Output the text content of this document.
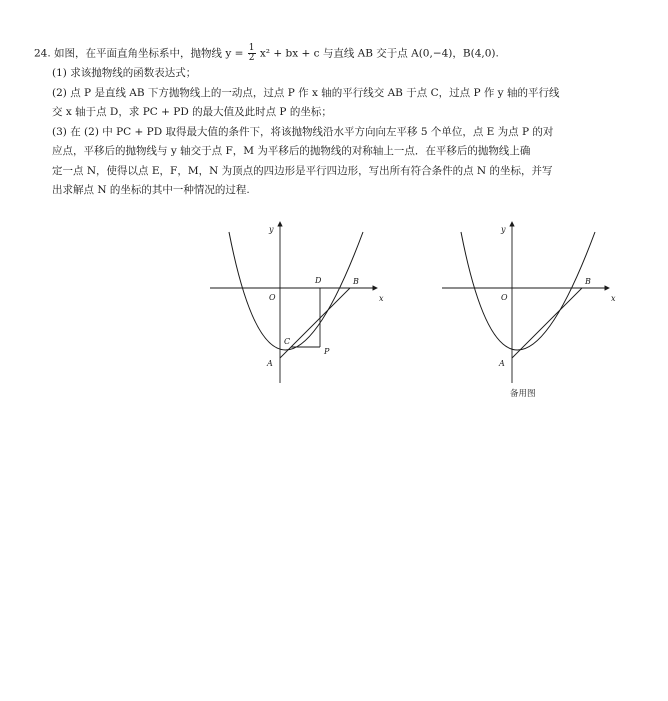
24. 如图，在平面直角坐标系中，抛物线 $y = \frac{1}{2} x^2$ + bx + c 与直线 AB 交于点 A(0,−4)，B(4,0).
(1) 求该抛物线的函数表达式；
(2) 点 P 是直线 AB 下方抛物线上的一动点，过点 P 作 x 轴的平行线交 AB 于点 C，过点 P 作 y 轴的平行线
交 x 轴于点 D，求 PC + PD 的最大值及此时点 P 的坐标；
(3) 在 (2) 中 PC + PD 取得最大值的条件下，将该抛物线沿水平方向向左平移 5 个单位，点 E 为点 P 的对
应点，平移后的抛物线与 y 轴交于点 F，M 为平移后的抛物线的对称轴上一点．在平移后的抛物线上确
定一点 N，使得以点 E，F，M，N 为顶点的四边形是平行四边形，写出所有符合条件的点 N 的坐标，并写
出求解点 N 的坐标的其中一种情况的过程.
y
x
O
D	B
C
P
A
y
x
O
B
A
备用图
